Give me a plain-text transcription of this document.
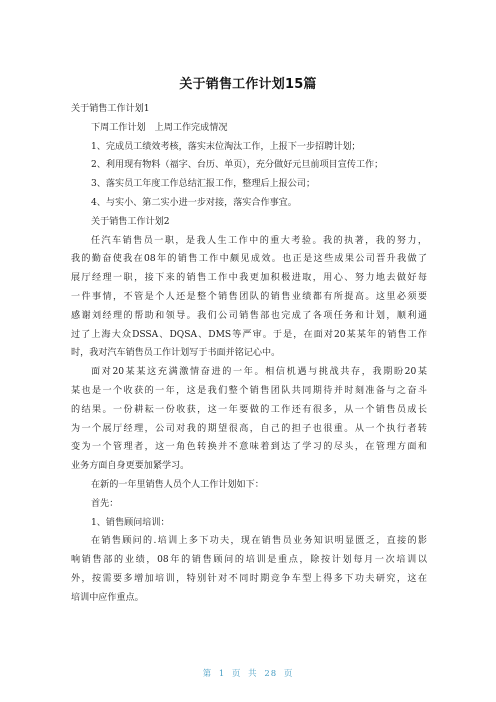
关于销售工作计划15篇
关于销售工作计划1
下周工作计划　上周工作完成情况
1、完成员工绩效考核，落实末位淘汰工作，上报下一步招聘计划；
2、利用现有物料（福字、台历、单页），充分做好元旦前项目宣传工作；
3、落实员工年度工作总结汇报工作，整理后上报公司；
4、与实小、第二实小进一步对接，落实合作事宜。
关于销售工作计划2
任汽车销售员一职，是我人生工作中的重大考验。我的执著，我的努力，
我的勤奋使我在08年的销售工作中颇见成效。也正是这些成果公司晋升我做了
展厅经理一职，接下来的销售工作中我更加积极进取，用心、努力地去做好每
一件事情，不管是个人还是整个销售团队的销售业绩都有所提高。这里必须要
感谢刘经理的帮助和领导。我们公司销售部也完成了各项任务和计划，顺利通
过了上海大众DSSA、DQSA、DMS等严审。于是，在面对20某某年的销售工作
时，我对汽车销售员工作计划写于书面并铭记心中。
面对20某某这充满激情奋进的一年。相信机遇与挑战共存，我期盼20某
某也是一个收获的一年，这是我们整个销售团队共同期待并时刻准备与之奋斗
的结果。一份耕耘一份收获，这一年要做的工作还有很多，从一个销售员成长
为一个展厅经理，公司对我的期望很高，自己的担子也很重。从一个执行者转
变为一个管理者，这一角色转换并不意味着到达了学习的尽头，在管理方面和
业务方面自身更要加紧学习。
在新的一年里销售人员个人工作计划如下：
首先：
1、销售顾问培训：
在销售顾问的.培训上多下功夫，现在销售员业务知识明显匮乏，直接的影
响销售部的业绩，08年的销售顾问的培训是重点，除按计划每月一次培训以
外，按需要多增加培训，特别针对不同时期竞争车型上得多下功夫研究，这在
培训中应作重点。
第 1 页 共 28 页
